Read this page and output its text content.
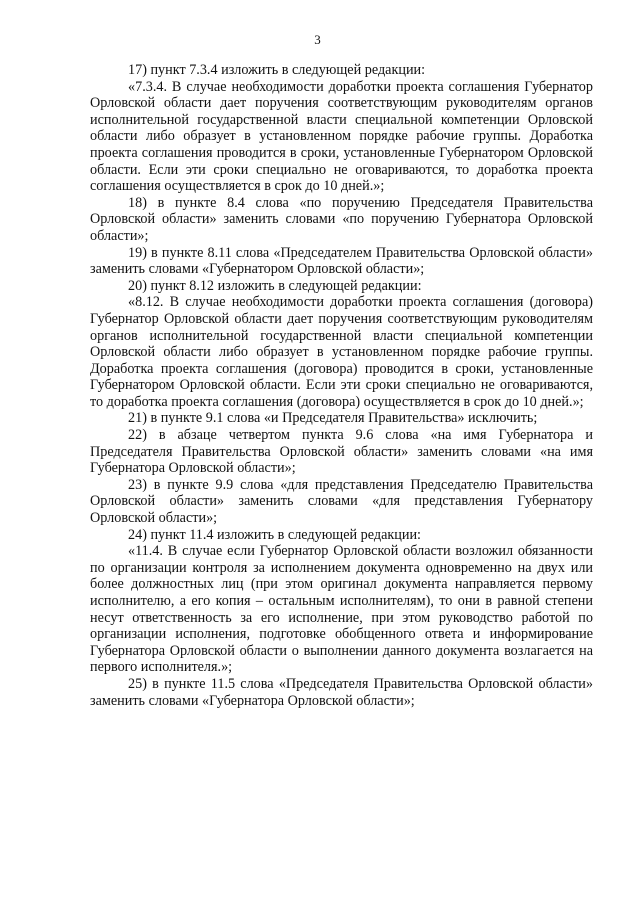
3

17) пункт 7.3.4 изложить в следующей редакции:

«7.3.4. В случае необходимости доработки проекта соглашения Губернатор Орловской области дает поручения соответствующим руководителям органов исполнительной государственной власти специальной компетенции Орловской области либо образует в установленном порядке рабочие группы. Доработка проекта соглашения проводится в сроки, установленные Губернатором Орловской области. Если эти сроки специально не оговариваются, то доработка проекта соглашения осуществляется в срок до 10 дней.»;

18) в пункте 8.4 слова «по поручению Председателя Правительства Орловской области» заменить словами «по поручению Губернатора Орловской области»;

19) в пункте 8.11 слова «Председателем Правительства Орловской области» заменить словами «Губернатором Орловской области»;

20) пункт 8.12 изложить в следующей редакции:

«8.12. В случае необходимости доработки проекта соглашения (договора) Губернатор Орловской области дает поручения соответствующим руководителям органов исполнительной государственной власти специальной компетенции Орловской области либо образует в установленном порядке рабочие группы. Доработка проекта соглашения (договора) проводится в сроки, установленные Губернатором Орловской области. Если эти сроки специально не оговариваются, то доработка проекта соглашения (договора) осуществляется в срок до 10 дней.»;

21) в пункте 9.1 слова «и Председателя Правительства» исключить;

22) в абзаце четвертом пункта 9.6 слова «на имя Губернатора и Председателя Правительства Орловской области» заменить словами «на имя Губернатора Орловской области»;

23) в пункте 9.9 слова «для представления Председателю Правительства Орловской области» заменить словами «для представления Губернатору Орловской области»;

24) пункт 11.4 изложить в следующей редакции:

«11.4. В случае если Губернатор Орловской области возложил обязанности по организации контроля за исполнением документа одновременно на двух или более должностных лиц (при этом оригинал документа направляется первому исполнителю, а его копия – остальным исполнителям), то они в равной степени несут ответственность за его исполнение, при этом руководство работой по организации исполнения, подготовке обобщенного ответа и информирование Губернатора Орловской области о выполнении данного документа возлагается на первого исполнителя.»;

25) в пункте 11.5 слова «Председателя Правительства Орловской области» заменить словами «Губернатора Орловской области»;
